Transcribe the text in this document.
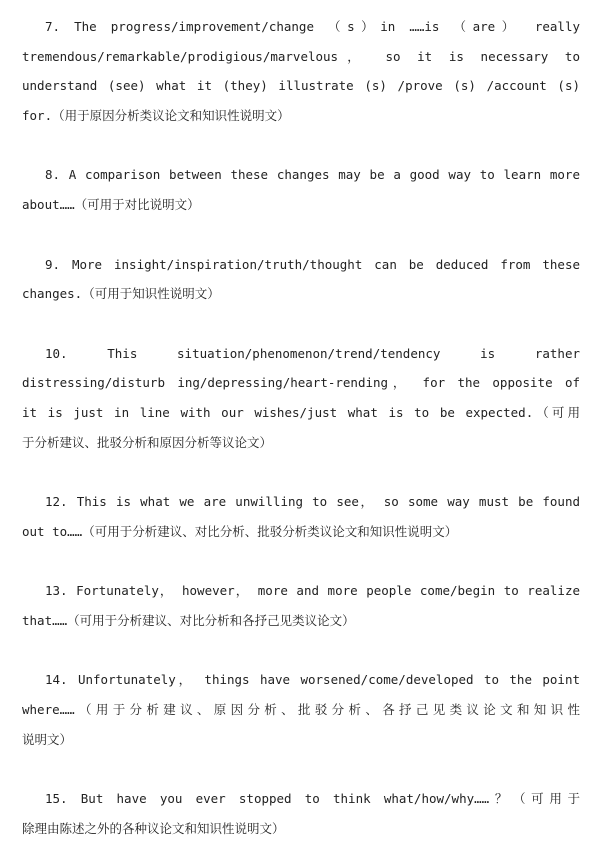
7. The progress/improvement/change （s）in ……is （are） really
tremendous/remarkable/prodigious/marvelous， so it is necessary to
understand (see) what it (they) illustrate (s) /prove (s) /account (s)
for.（用于原因分析类议论文和知识性说明文）
8. A comparison between these changes may be a good way to learn more
about……（可用于对比说明文）
9. More insight/inspiration/truth/thought can be deduced from these
changes.（可用于知识性说明文）
10. This situation/phenomenon/trend/tendency is rather
distressing/disturb ing/depressing/heart-rending， for the opposite of
it is just in line with our wishes/just what is to be expected.（可用
于分析建议、批驳分析和原因分析等议论文）
12. This is what we are unwilling to see， so some way must be found
out to……（可用于分析建议、对比分析、批驳分析类议论文和知识性说明文）
13. Fortunately， however， more and more people come/begin to realize
that……（可用于分析建议、对比分析和各抒己见类议论文）
14. Unfortunately， things have worsened/come/developed to the point
where……（用于分析建议、原因分析、批驳分析、各抒己见类议论文和知识性
说明文）
15. But have you ever stopped to think what/how/why……？（可用于
除理由陈述之外的各种议论文和知识性说明文）
